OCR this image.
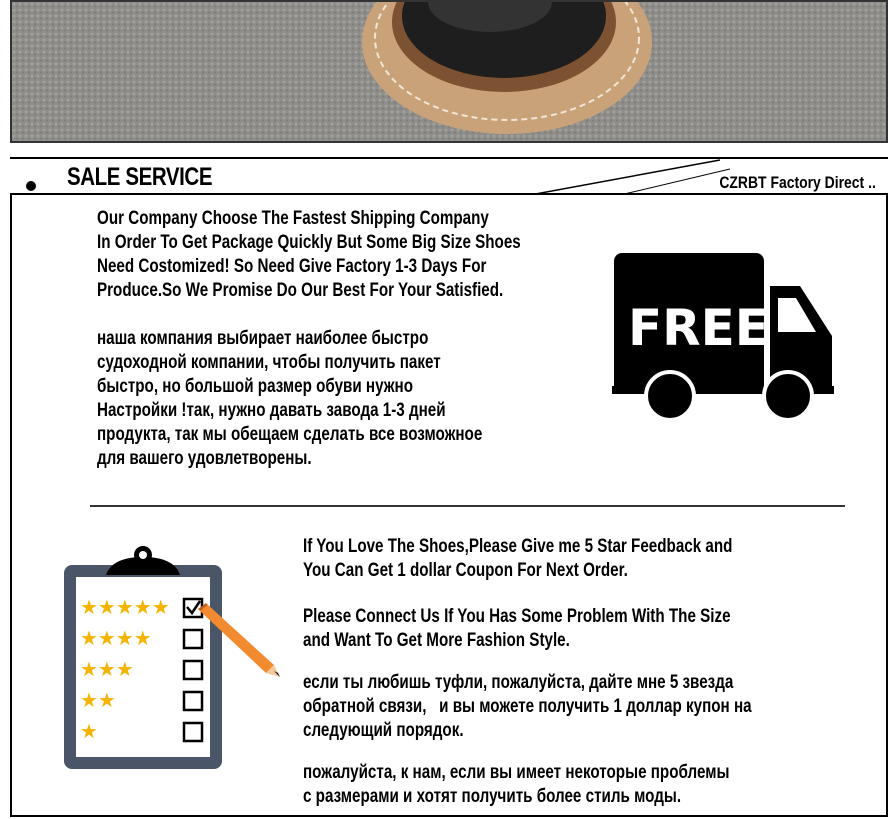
SALE SERVICE	CZRBT Factory Direct ..
Our Company Choose The Fastest Shipping Company
In Order To Get Package Quickly But Some Big Size Shoes
Need Costomized! So Need Give Factory 1-3 Days For
Produce.So We Promise Do Our Best For Your Satisfied.
наша компания выбирает наиболее быстро
судоходной компании, чтобы получить пакет
быстро, но большой размер обуви нужно
Настройки !так, нужно давать завода 1-3 дней
продукта, так мы обещаем сделать все возможное
для вашего удовлетворены.
FREE
★★★★★
★★★★
★★★
★★
★
If You Love The Shoes,Please Give me 5 Star Feedback and
You Can Get 1 dollar Coupon For Next Order.
Please Connect Us If You Has Some Problem With The Size
and Want To Get More Fashion Style.
если ты любишь туфли, пожалуйста, дайте мне 5 звезда
обратной связи,   и вы можете получить 1 доллар купон на
следующий порядок.
пожалуйста, к нам, если вы имеет некоторые проблемы
с размерами и хотят получить более стиль моды.
